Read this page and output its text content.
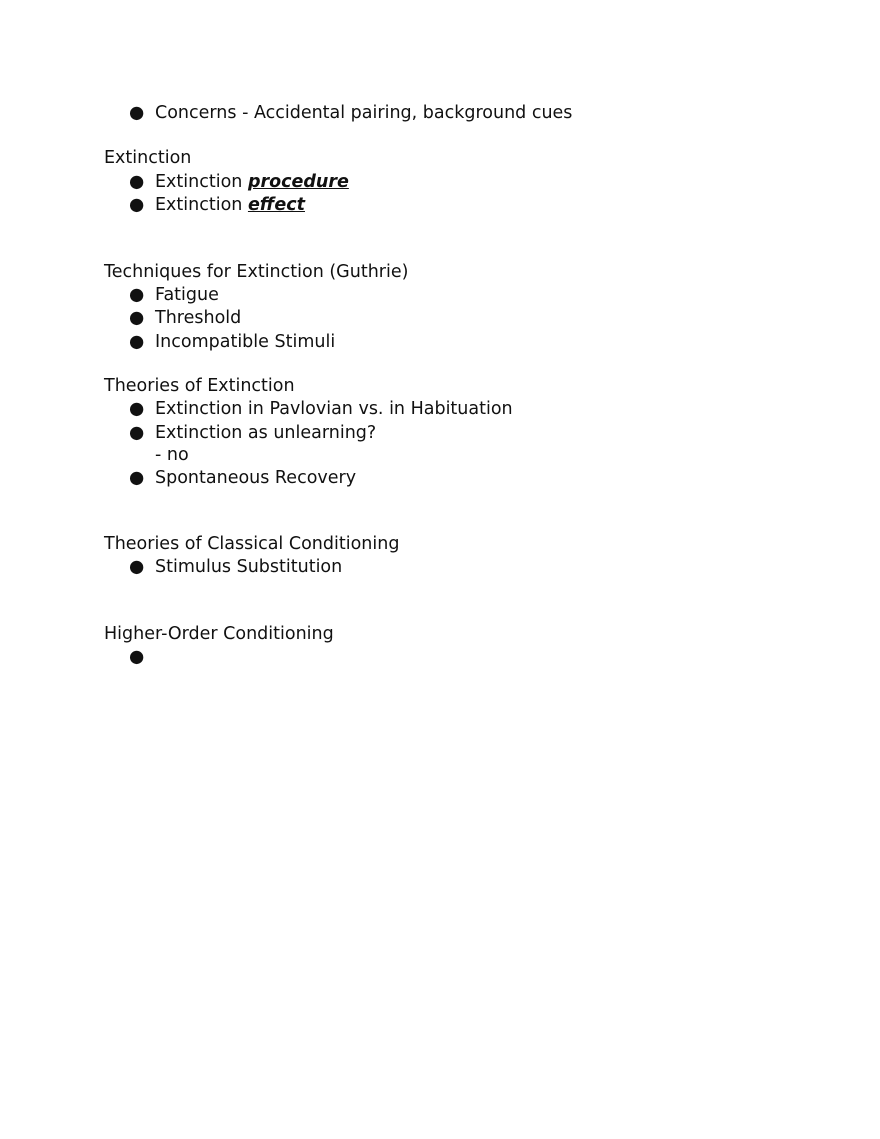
● Concerns - Accidental pairing, background cues
Extinction
● Extinction procedure
● Extinction effect
Techniques for Extinction (Guthrie)
● Fatigue
● Threshold
● Incompatible Stimuli
Theories of Extinction
● Extinction in Pavlovian vs. in Habituation
● Extinction as unlearning?
- no
● Spontaneous Recovery
Theories of Classical Conditioning
● Stimulus Substitution
Higher-Order Conditioning
●
